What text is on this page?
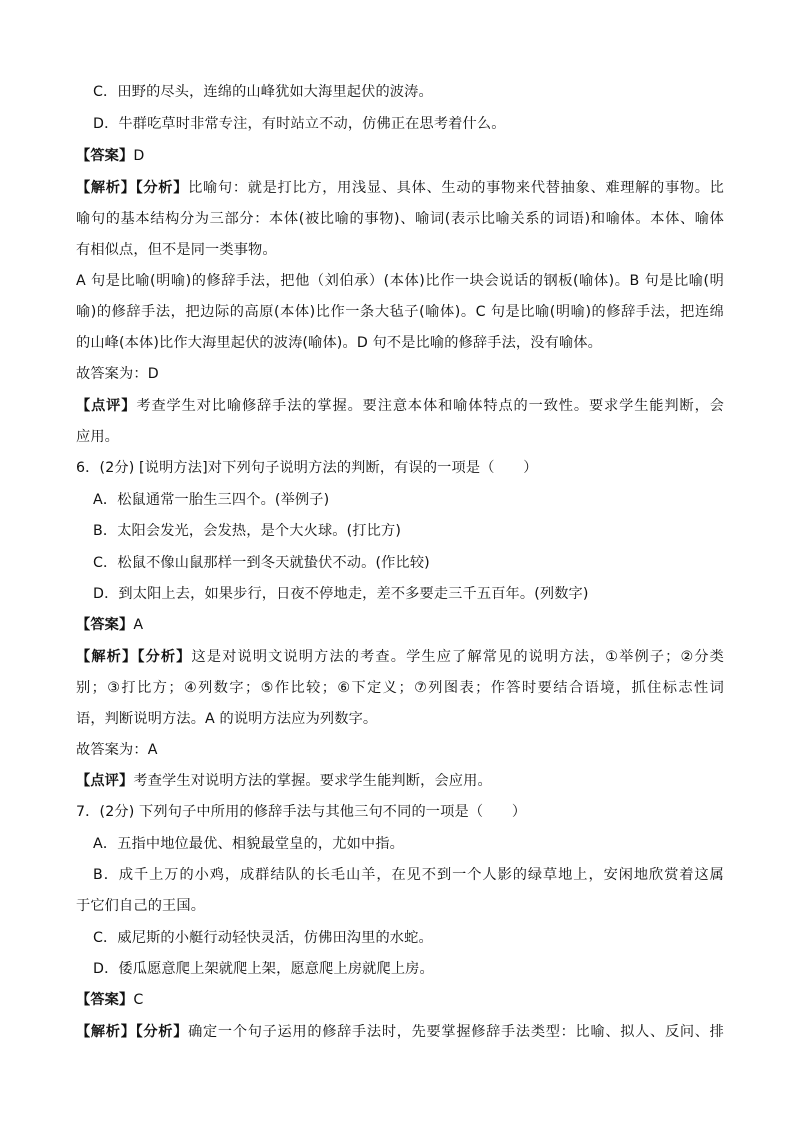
C．田野的尽头，连绵的山峰犹如大海里起伏的波涛。
D．牛群吃草时非常专注，有时站立不动，仿佛正在思考着什么。
【答案】D
【解析】【分析】比喻句：就是打比方，用浅显、具体、生动的事物来代替抽象、难理解的事物。比
喻句的基本结构分为三部分：本体(被比喻的事物)、喻词(表示比喻关系的词语)和喻体。本体、喻体
有相似点，但不是同一类事物。
A 句是比喻(明喻)的修辞手法，把他（刘伯承）(本体)比作一块会说话的钢板(喻体)。B 句是比喻(明
喻)的修辞手法，把边际的高原(本体)比作一条大毡子(喻体)。C 句是比喻(明喻)的修辞手法，把连绵
的山峰(本体)比作大海里起伏的波涛(喻体)。D 句不是比喻的修辞手法，没有喻体。
故答案为：D
【点评】考查学生对比喻修辞手法的掌握。要注意本体和喻体特点的一致性。要求学生能判断，会
应用。
6．(2分) [说明方法]对下列句子说明方法的判断，有误的一项是（　　）
A．松鼠通常一胎生三四个。(举例子)
B．太阳会发光，会发热，是个大火球。(打比方)
C．松鼠不像山鼠那样一到冬天就蛰伏不动。(作比较)
D．到太阳上去，如果步行，日夜不停地走，差不多要走三千五百年。(列数字)
【答案】A
【解析】【分析】这是对说明文说明方法的考查。学生应了解常见的说明方法，①举例子；②分类
别；③打比方；④列数字；⑤作比较；⑥下定义；⑦列图表；作答时要结合语境，抓住标志性词
语，判断说明方法。A 的说明方法应为列数字。
故答案为：A
【点评】考查学生对说明方法的掌握。要求学生能判断，会应用。
7．(2分) 下列句子中所用的修辞手法与其他三句不同的一项是（　　）
A．五指中地位最优、相貌最堂皇的，尤如中指。
B．成千上万的小鸡，成群结队的长毛山羊，在见不到一个人影的绿草地上，安闲地欣赏着这属
于它们自己的王国。
C．威尼斯的小艇行动轻快灵活，仿佛田沟里的水蛇。
D．倭瓜愿意爬上架就爬上架，愿意爬上房就爬上房。
【答案】C
【解析】【分析】确定一个句子运用的修辞手法时，先要掌握修辞手法类型：比喻、拟人、反问、排
